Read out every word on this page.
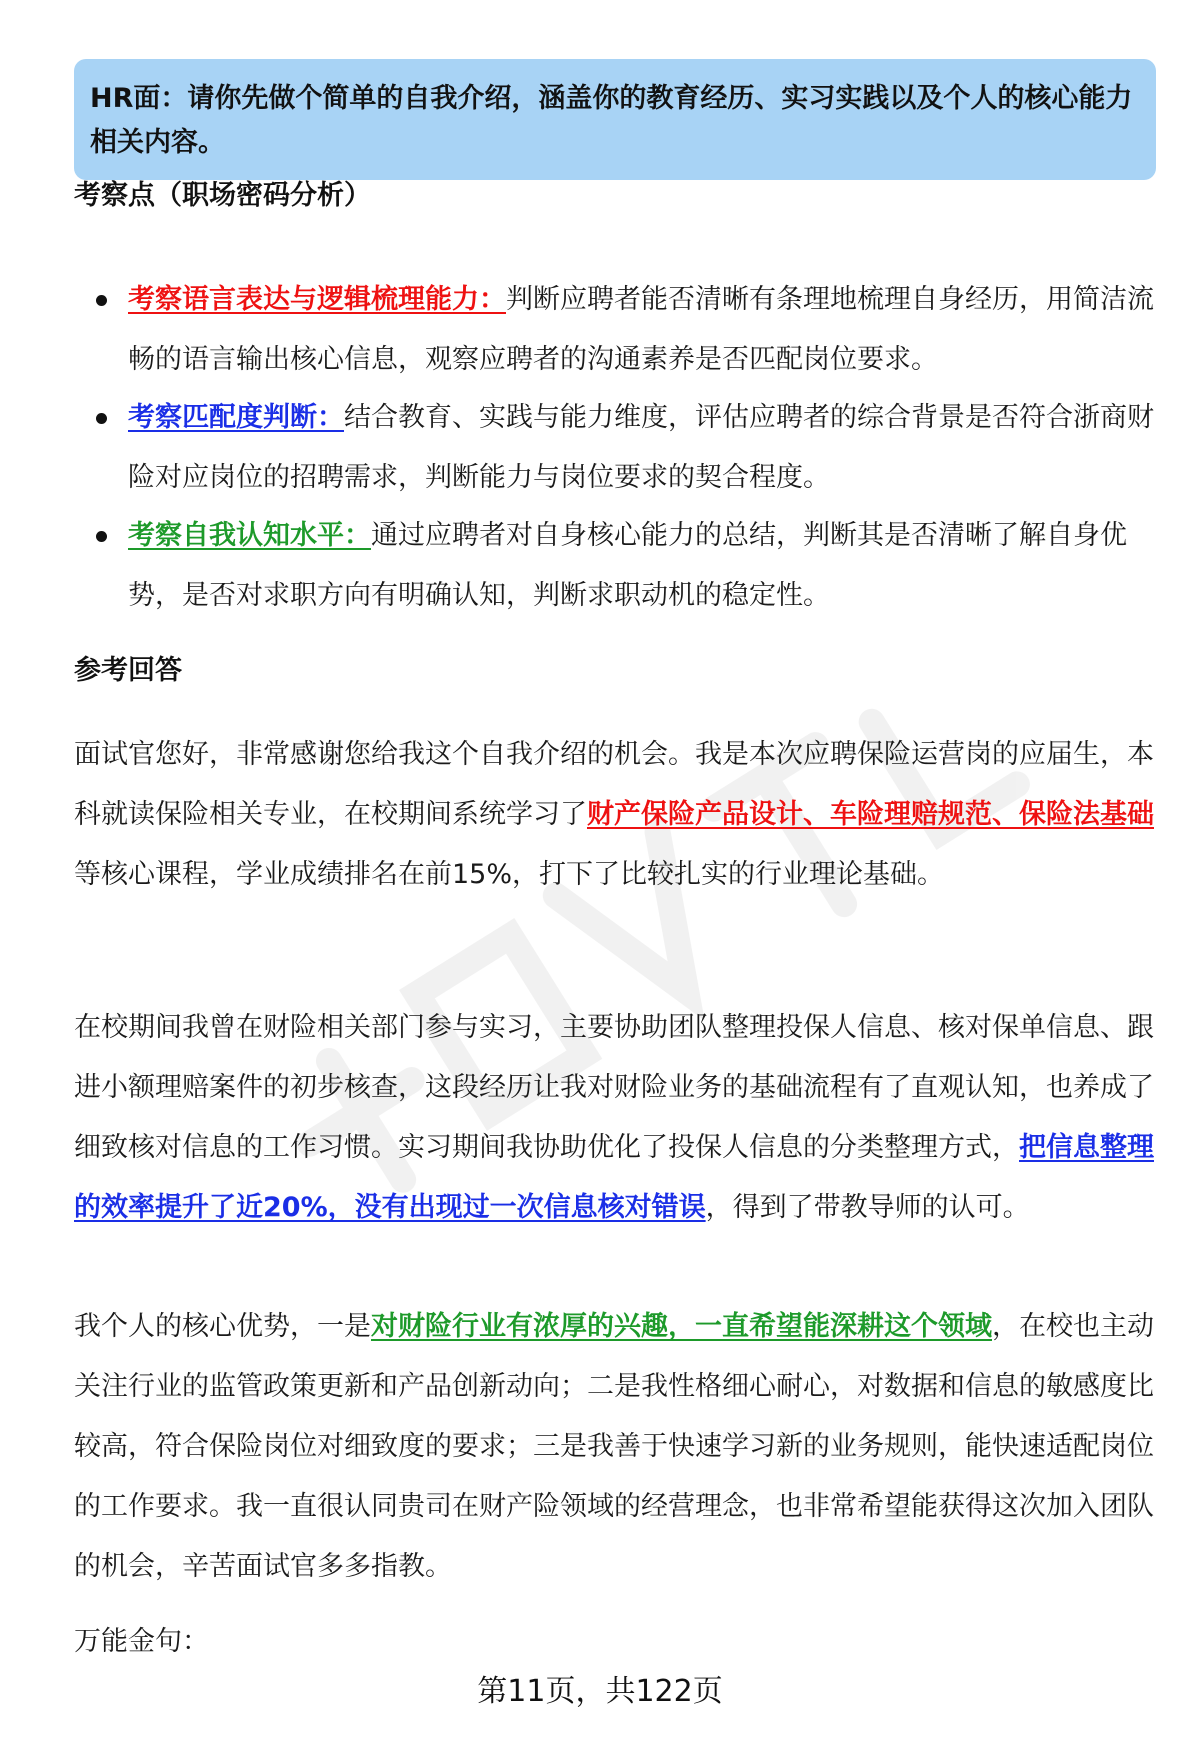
HR面：请你先做个简单的自我介绍，涵盖你的教育经历、实习实践以及个人的核心能力相关内容。
考察点（职场密码分析）
考察语言表达与逻辑梳理能力：判断应聘者能否清晰有条理地梳理自身经历，用简洁流畅的语言输出核心信息，观察应聘者的沟通素养是否匹配岗位要求。
考察匹配度判断：结合教育、实践与能力维度，评估应聘者的综合背景是否符合浙商财险对应岗位的招聘需求，判断能力与岗位要求的契合程度。
考察自我认知水平：通过应聘者对自身核心能力的总结，判断其是否清晰了解自身优势，是否对求职方向有明确认知，判断求职动机的稳定性。
参考回答

面试官您好，非常感谢您给我这个自我介绍的机会。我是本次应聘保险运营岗的应届生，本科就读保险相关专业，在校期间系统学习了财产保险产品设计、车险理赔规范、保险法基础等核心课程，学业成绩排名在前15%，打下了比较扎实的行业理论基础。

在校期间我曾在财险相关部门参与实习，主要协助团队整理投保人信息、核对保单信息、跟进小额理赔案件的初步核查，这段经历让我对财险业务的基础流程有了直观认知，也养成了细致核对信息的工作习惯。实习期间我协助优化了投保人信息的分类整理方式，把信息整理的效率提升了近20%，没有出现过一次信息核对错误，得到了带教导师的认可。

我个人的核心优势，一是对财险行业有浓厚的兴趣，一直希望能深耕这个领域，在校也主动关注行业的监管政策更新和产品创新动向；二是我性格细心耐心，对数据和信息的敏感度比较高，符合保险岗位对细致度的要求；三是我善于快速学习新的业务规则，能快速适配岗位的工作要求。我一直很认同贵司在财产险领域的经营理念，也非常希望能获得这次加入团队的机会，辛苦面试官多多指教。

万能金句：

第11页，共122页
